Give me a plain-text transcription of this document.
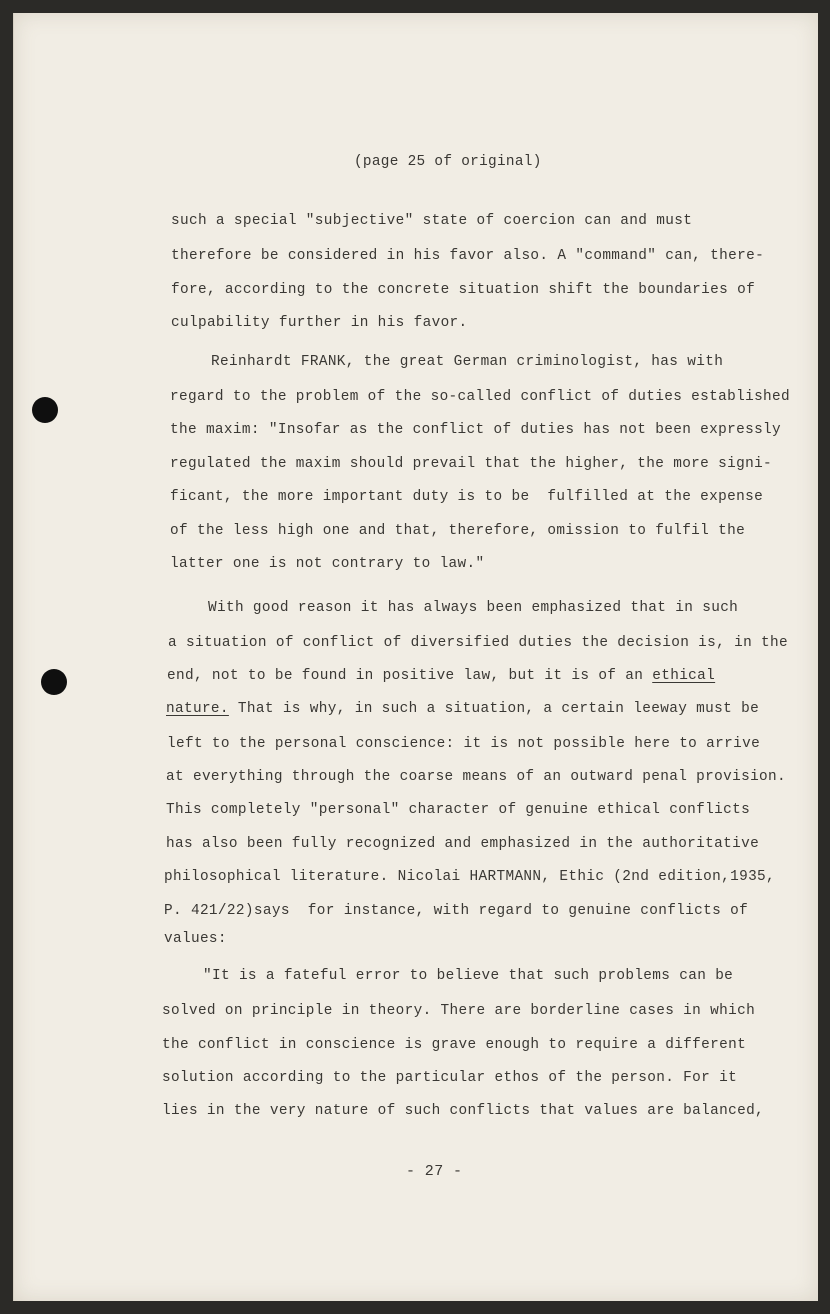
(page 25 of original)
such a special "subjective" state of coercion can and must
therefore be considered in his favor also. A "command" can, there-
fore, according to the concrete situation shift the boundaries of
culpability further in his favor.
Reinhardt FRANK, the great German criminologist, has with
regard to the problem of the so-called conflict of duties established
the maxim: "Insofar as the conflict of duties has not been expressly
regulated the maxim should prevail that the higher, the more signi-
ficant, the more important duty is to be  fulfilled at the expense
of the less high one and that, therefore, omission to fulfil the
latter one is not contrary to law."
With good reason it has always been emphasized that in such
a situation of conflict of diversified duties the decision is, in the
end, not to be found in positive law, but it is of an ethical
nature. That is why, in such a situation, a certain leeway must be
left to the personal conscience: it is not possible here to arrive
at everything through the coarse means of an outward penal provision.
This completely "personal" character of genuine ethical conflicts
has also been fully recognized and emphasized in the authoritative
philosophical literature. Nicolai HARTMANN, Ethic (2nd edition,1935,
P. 421/22)says  for instance, with regard to genuine conflicts of
values:
"It is a fateful error to believe that such problems can be
solved on principle in theory. There are borderline cases in which
the conflict in conscience is grave enough to require a different
solution according to the particular ethos of the person. For it
lies in the very nature of such conflicts that values are balanced,
- 27 -
